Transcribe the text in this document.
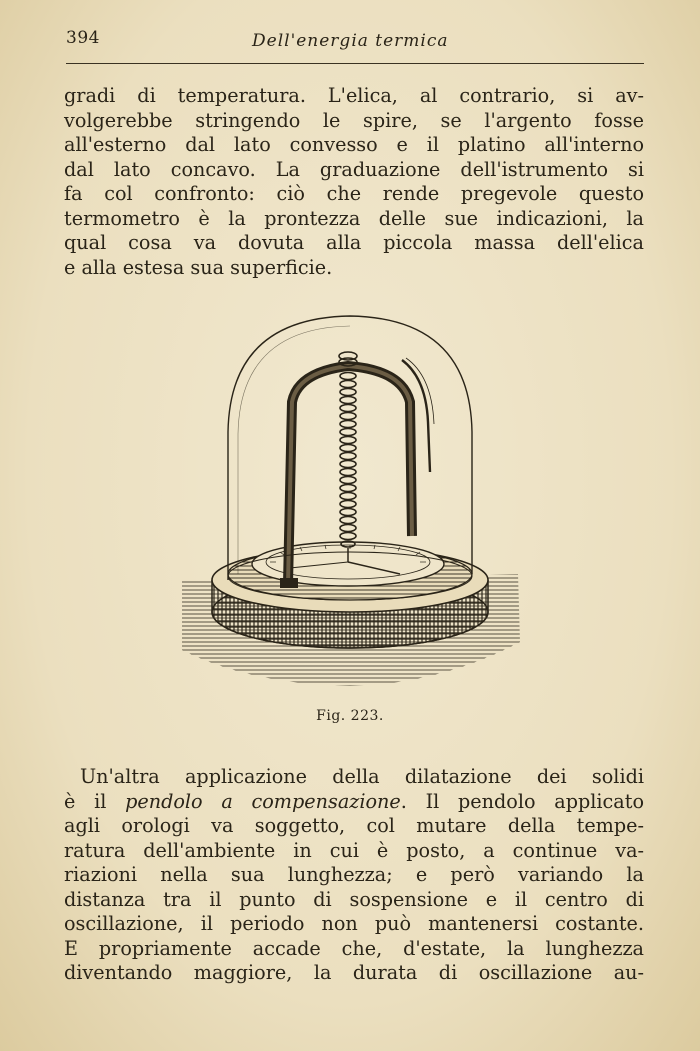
394	Dell'energia termica
gradi di temperatura. L'elica, al contrario, si av-
volgerebbe stringendo le spire, se l'argento fosse
all'esterno dal lato convesso e il platino all'interno
dal lato concavo. La graduazione dell'istrumento si
fa col confronto: ciò che rende pregevole questo
termometro è la prontezza delle sue indicazioni, la
qual cosa va dovuta alla piccola massa dell'elica
e alla estesa sua superficie.
Fig. 223.
Un'altra applicazione della dilatazione dei solidi
è il pendolo a compensazione. Il pendolo applicato
agli orologi va soggetto, col mutare della tempe-
ratura dell'ambiente in cui è posto, a continue va-
riazioni nella sua lunghezza; e però variando la
distanza tra il punto di sospensione e il centro di
oscillazione, il periodo non può mantenersi costante.
E propriamente accade che, d'estate, la lunghezza
diventando maggiore, la durata di oscillazione au-
